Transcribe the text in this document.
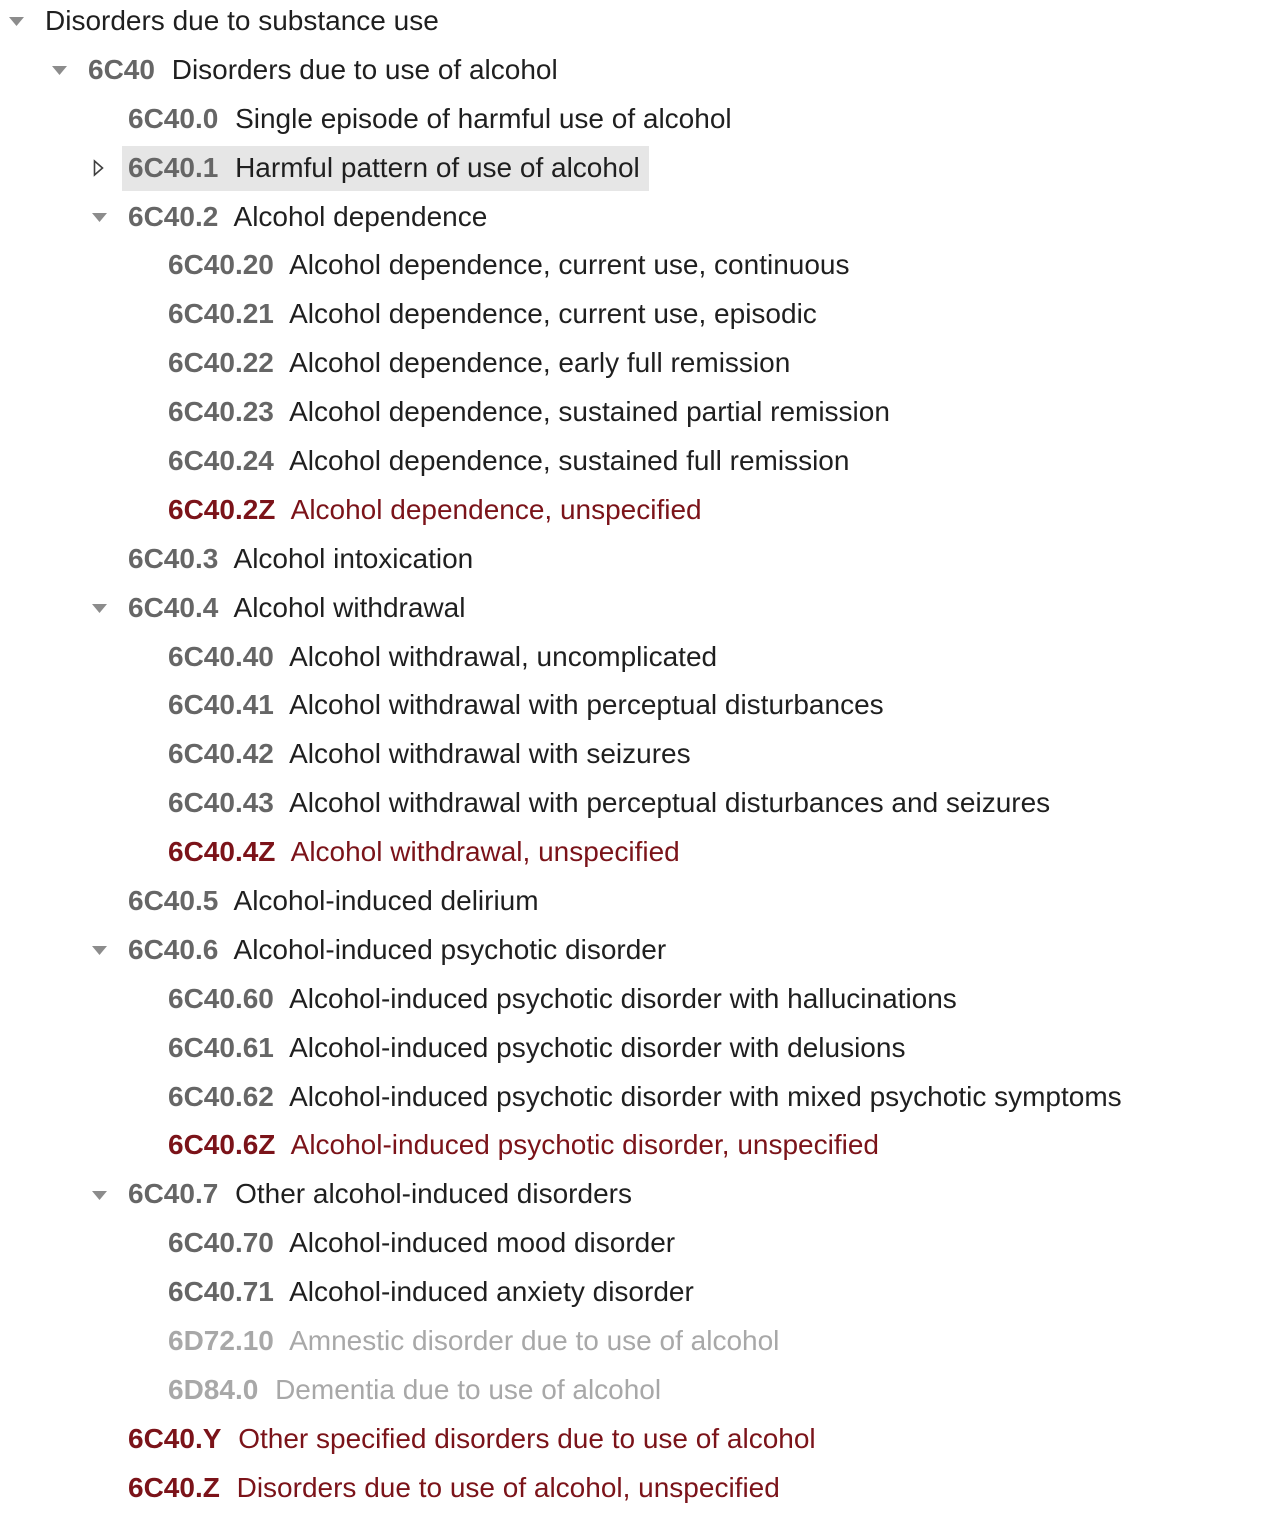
Disorders due to substance use
6C40 Disorders due to use of alcohol
6C40.0 Single episode of harmful use of alcohol
6C40.1 Harmful pattern of use of alcohol
6C40.2 Alcohol dependence
6C40.20 Alcohol dependence, current use, continuous
6C40.21 Alcohol dependence, current use, episodic
6C40.22 Alcohol dependence, early full remission
6C40.23 Alcohol dependence, sustained partial remission
6C40.24 Alcohol dependence, sustained full remission
6C40.2Z Alcohol dependence, unspecified
6C40.3 Alcohol intoxication
6C40.4 Alcohol withdrawal
6C40.40 Alcohol withdrawal, uncomplicated
6C40.41 Alcohol withdrawal with perceptual disturbances
6C40.42 Alcohol withdrawal with seizures
6C40.43 Alcohol withdrawal with perceptual disturbances and seizures
6C40.4Z Alcohol withdrawal, unspecified
6C40.5 Alcohol-induced delirium
6C40.6 Alcohol-induced psychotic disorder
6C40.60 Alcohol-induced psychotic disorder with hallucinations
6C40.61 Alcohol-induced psychotic disorder with delusions
6C40.62 Alcohol-induced psychotic disorder with mixed psychotic symptoms
6C40.6Z Alcohol-induced psychotic disorder, unspecified
6C40.7 Other alcohol-induced disorders
6C40.70 Alcohol-induced mood disorder
6C40.71 Alcohol-induced anxiety disorder
6D72.10 Amnestic disorder due to use of alcohol
6D84.0 Dementia due to use of alcohol
6C40.Y Other specified disorders due to use of alcohol
6C40.Z Disorders due to use of alcohol, unspecified
